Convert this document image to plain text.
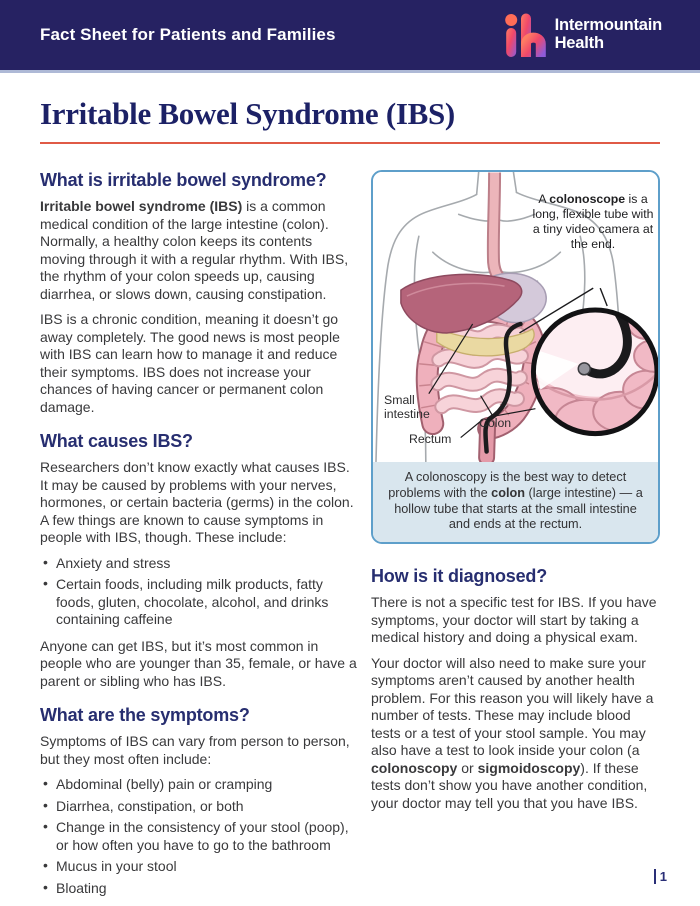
Fact Sheet for Patients and Families	Intermountain
Health
Irritable Bowel Syndrome (IBS)
What is irritable bowel syndrome?

Irritable bowel syndrome (IBS) is a common medical condition of the large intestine (colon). Normally, a healthy colon keeps its contents moving through it with a regular rhythm. With IBS, the rhythm of your colon speeds up, causing diarrhea, or slows down, causing constipation.

IBS is a chronic condition, meaning it doesn’t go away completely. The good news is most people with IBS can learn how to manage it and reduce their symptoms. IBS does not increase your chances of having cancer or permanent colon damage.

What causes IBS?

Researchers don’t know exactly what causes IBS. It may be caused by problems with your nerves, hormones, or certain bacteria (germs) in the colon. A few things are known to cause symptoms in people with IBS, though. These include:

• Anxiety and stress
• Certain foods, including milk products, fatty foods, gluten, chocolate, alcohol, and drinks containing caffeine

Anyone can get IBS, but it’s most common in people who are younger than 35, female, or have a parent or sibling who has IBS.

What are the symptoms?

Symptoms of IBS can vary from person to person, but they most often include:

• Abdominal (belly) pain or cramping
• Diarrhea, constipation, or both
• Change in the consistency of your stool (poop), or how often you have to go to the bathroom
• Mucus in your stool
• Bloating
A colonoscope is a long, flexible tube with a tiny video camera at the end.
Small intestine
Rectum
Colon
A colonoscopy is the best way to detect problems with the colon (large intestine) — a hollow tube that starts at the small intestine and ends at the rectum.
How is it diagnosed?

There is not a specific test for IBS. If you have symptoms, your doctor will start by taking a medical history and doing a physical exam.

Your doctor will also need to make sure your symptoms aren’t caused by another health problem. For this reason you will likely have a number of tests. These may include blood tests or a test of your stool sample. You may also have a test to look inside your colon (a colonoscopy or sigmoidoscopy). If these tests don’t show you have another condition, your doctor may tell you that you have IBS.

1
